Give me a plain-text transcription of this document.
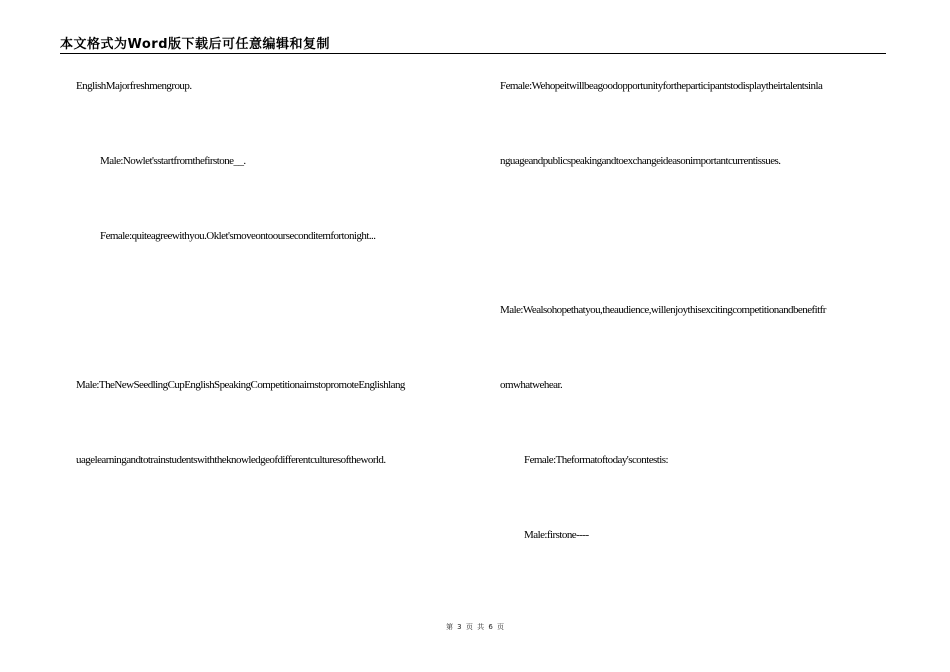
本文格式为Word版下载后可任意编辑和复制
EnglishMajorfreshmengroup.
Male:Nowlet'sstartfromthefirstone__.
Female:quiteagreewithyou.Oklet'smoveontoourseconditemfortonight...
Male:TheNewSeedlingCupEnglishSpeakingCompetitionaimstopromoteEnglishlang
uagelearningandtotrainstudentswiththeknowledgeofdifferentculturesoftheworld.
Female:Wehopeitwillbeagoodopportunityfortheparticipantstodisplaytheirtalentsinla
nguageandpublicspeakingandtoexchangeideasonimportantcurrentissues.
Male:Wealsohopethatyou,theaudience,willenjoythisexcitingcompetitionandbenefitfr
omwhatwehear.
Female:Theformatoftoday'scontestis:
Male:firstone----
第 3 页 共 6 页
